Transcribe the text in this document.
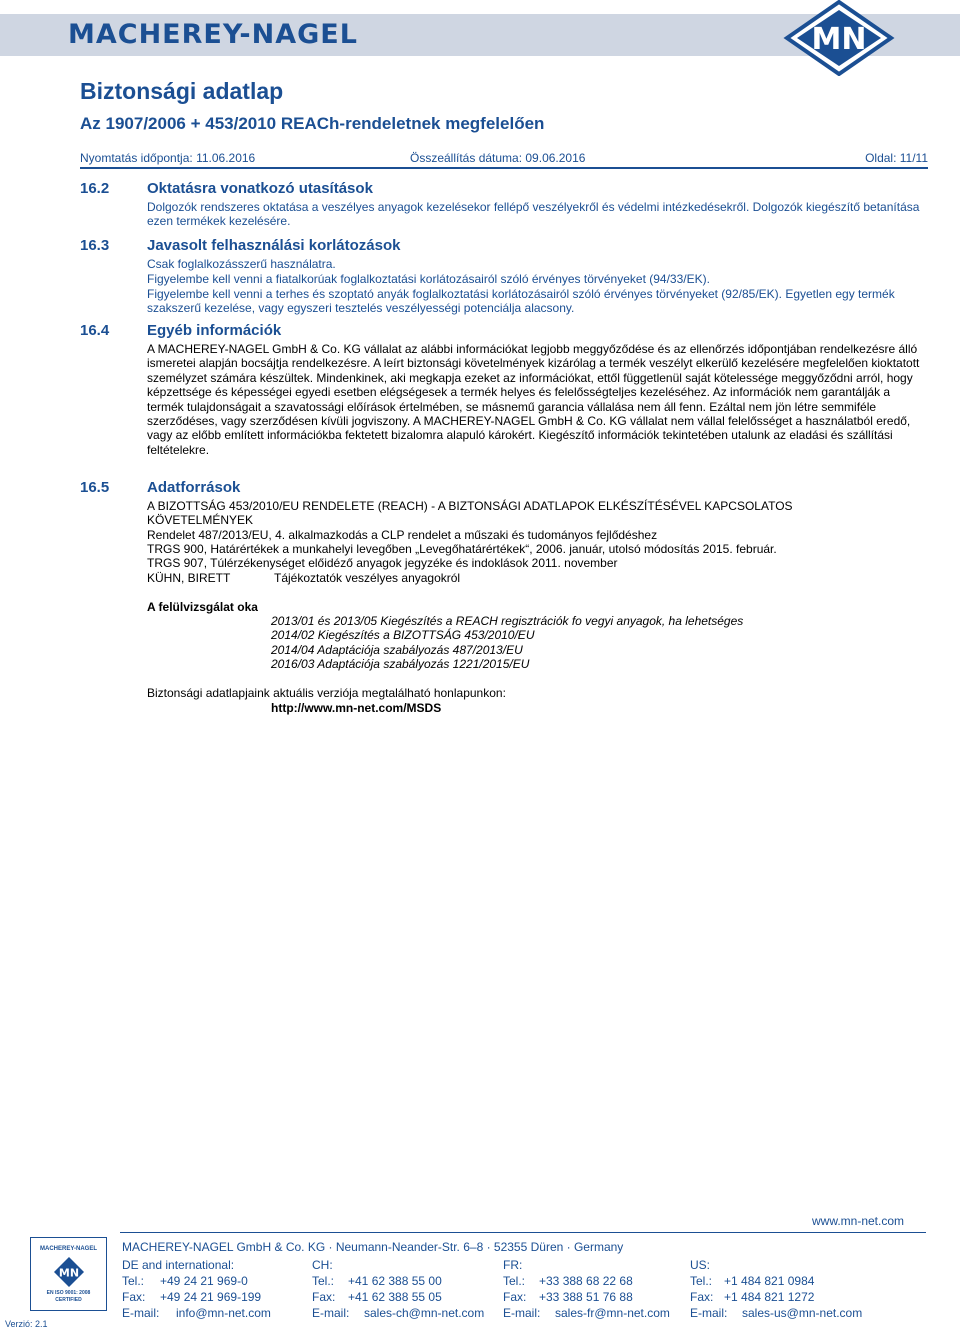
MACHEREY-NAGEL	MN
Biztonsági adatlap
Az 1907/2006 + 453/2010 REACh-rendeletnek megfelelően
Nyomtatás időpontja: 11.06.2016	Összeállítás dátuma: 09.06.2016	Oldal: 11/11
16.2	Oktatásra vonatkozó utasítások

Dolgozók rendszeres oktatása a veszélyes anyagok kezelésekor fellépő veszélyekről és védelmi intézkedésekről. Dolgozók kiegészítő betanítása ezen termékek kezelésére.

16.3	Javasolt felhasználási korlátozások

Csak foglalkozásszerű használatra.

Figyelembe kell venni a fiatalkorúak foglalkoztatási korlátozásairól szóló érvényes törvényeket (94/33/EK).

Figyelembe kell venni a terhes és szoptató anyák foglalkoztatási korlátozásairól szóló érvényes törvényeket (92/85/EK). Egyetlen egy termék szakszerű kezelése, vagy egyszeri tesztelés veszélyességi potenciálja alacsony.

16.4	Egyéb információk

A MACHEREY-NAGEL GmbH & Co. KG vállalat az alábbi információkat legjobb meggyőződése és az ellenőrzés időpontjában rendelkezésre álló ismeretei alapján bocsájtja rendelkezésre. A leírt biztonsági követelmények kizárólag a termék veszélyt elkerülő kezelésére megfelelően kioktatott személyzet számára készültek. Mindenkinek, aki megkapja ezeket az információkat, ettől függetlenül saját kötelessége meggyőződni arról, hogy képzettsége és képességei egyedi esetben elégségesek a termék helyes és felelősségteljes kezeléséhez. Az információk nem garantálják a termék tulajdonságait a szavatossági előírások értelmében, se másnemű garancia vállalása nem áll fenn. Ezáltal nem jön létre semmiféle szerződéses, vagy szerződésen kívüli jogviszony. A MACHEREY-NAGEL GmbH & Co. KG vállalat nem vállal felelősséget a használatból eredő, vagy az előbb említett információkba fektetett bizalomra alapuló károkért. Kiegészítő információk tekintetében utalunk az eladási és szállítási feltételekre.

16.5	Adatforrások

A BIZOTTSÁG 453/2010/EU RENDELETE (REACH) - A BIZTONSÁGI ADATLAPOK ELKÉSZÍTÉSÉVEL KAPCSOLATOS KÖVETELMÉNYEK

Rendelet 487/2013/EU, 4. alkalmazkodás a CLP rendelet a műszaki és tudományos fejlődéshez
TRGS 900, Határértékek a munkahelyi levegőben „Levegőhatárértékek“, 2006. január, utolsó módosítás 2015. február.
TRGS 907, Túlérzékenységet előidéző anyagok jegyzéke és indoklások 2011. november
KÜHN, BIRETT	Tájékoztatók veszélyes anyagokról
A felülvizsgálat oka
2013/01 és 2013/05 Kiegészítés a REACH regisztrációk fo vegyi anyagok, ha lehetséges
2014/02 Kiegészítés a BIZOTTSÁG 453/2010/EU
2014/04 Adaptációja szabályozás 487/2013/EU
2016/03 Adaptációja szabályozás 1221/2015/EU
Biztonsági adatlapjaink aktuális verziója megtalálható honlapunkon:
http://www.mn-net.com/MSDS
www.mn-net.com
MACHEREY-NAGEL
MN
EN ISO 9001: 2008
CERTIFIED
Verzió: 2.1
MACHEREY-NAGEL GmbH & Co. KG · Neumann-Neander-Str. 6–8 · 52355 Düren · Germany
DE and international:
Tel.: +49 24 21 969-0
Fax: +49 24 21 969-199
E-mail: info@mn-net.com
CH:
Tel.: +41 62 388 55 00
Fax: +41 62 388 55 05
E-mail: sales-ch@mn-net.com
FR:
Tel.: +33 388 68 22 68
Fax: +33 388 51 76 88
E-mail: sales-fr@mn-net.com
US:
Tel.: +1 484 821 0984
Fax: +1 484 821 1272
E-mail: sales-us@mn-net.com
